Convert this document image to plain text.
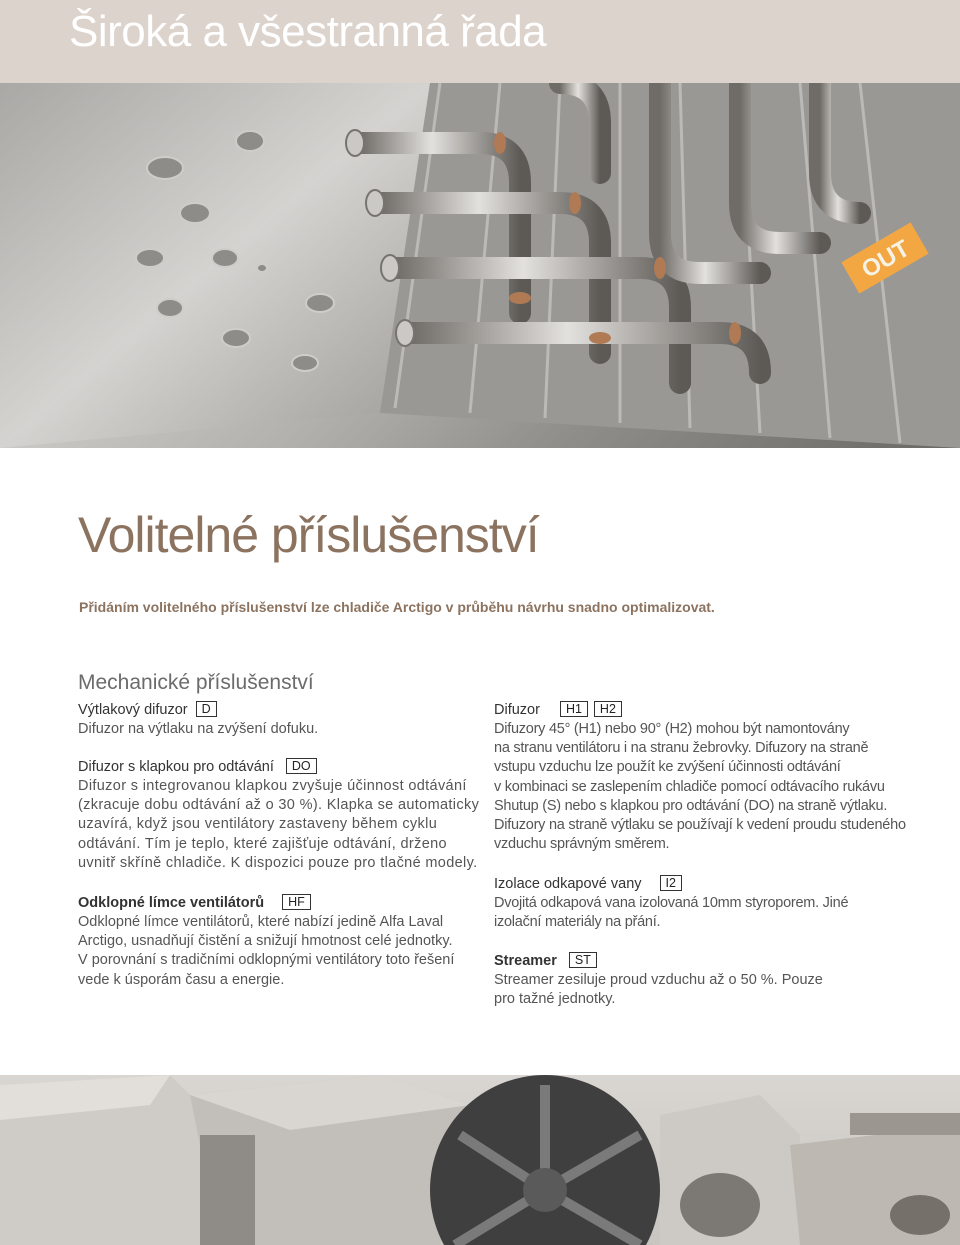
Široká a všestranná řada
OUT
Volitelné příslušenství

Přidáním volitelného příslušenství lze chladiče Arctigo v průběhu návrhu snadno optimalizovat.

Mechanické příslušenství

Výtlakový difuzor D

Difuzor na výtlaku na zvýšení dofuku.

Difuzor s klapkou pro odtávání DO

Difuzor s integrovanou klapkou zvyšuje účinnost odtávání

(zkracuje dobu odtávání až o 30 %). Klapka se automaticky

uzavírá, když jsou ventilátory zastaveny během cyklu

odtávání. Tím je teplo, které zajišťuje odtávání, drženo

uvnitř skříně chladiče. K dispozici pouze pro tlačné modely.

Odklopné límce ventilátorů HF

Odklopné límce ventilátorů, které nabízí jedině Alfa Laval

Arctigo, usnadňují čistění a snižují hmotnost celé jednotky.

V porovnání s tradičními odklopnými ventilátory toto řešení

vede k úsporám času a energie.

Difuzor H1 H2

Difuzory 45° (H1) nebo 90° (H2) mohou být namontovány

na stranu ventilátoru i na stranu žebrovky. Difuzory na straně

vstupu vzduchu lze použít ke zvýšení účinnosti odtávání

v kombinaci se zaslepením chladiče pomocí odtávacího rukávu

Shutup (S) nebo s klapkou pro odtávání (DO) na straně výtlaku.

Difuzory na straně výtlaku se používají k vedení proudu studeného

vzduchu správným směrem.

Izolace odkapové vany I2

Dvojitá odkapová vana izolovaná 10mm styroporem. Jiné

izolační materiály na přání.

Streamer ST

Streamer zesiluje proud vzduchu až o 50 %. Pouze

pro tažné jednotky.
